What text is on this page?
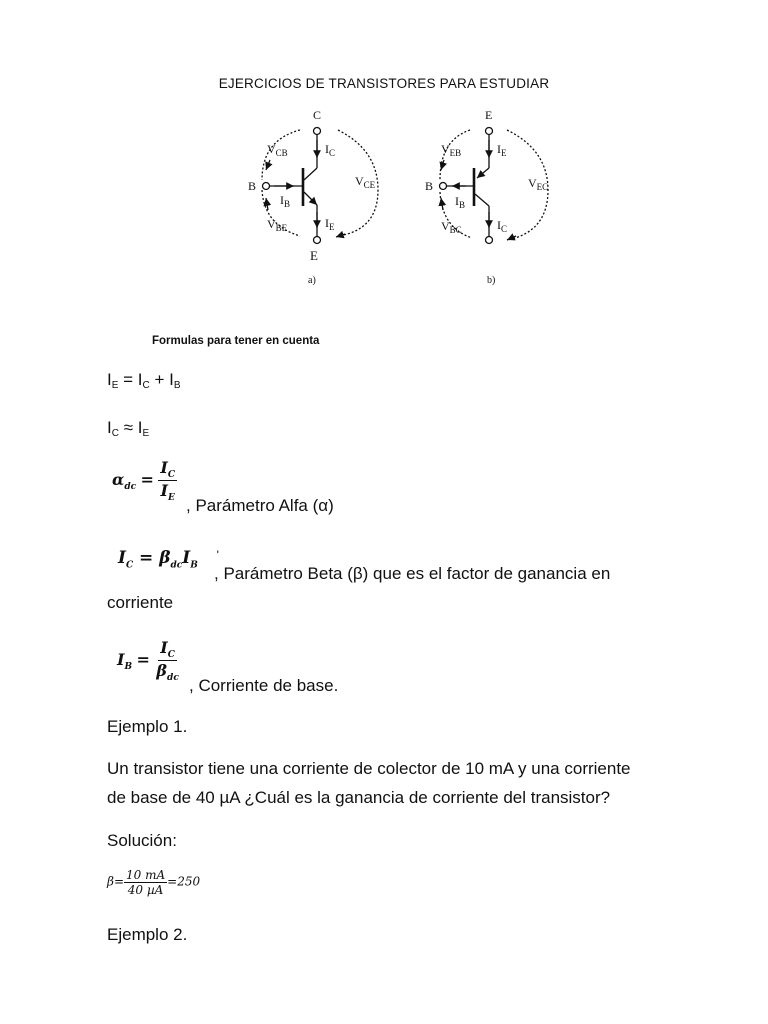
EJERCICIOS DE TRANSISTORES PARA ESTUDIAR
C
B
E
$V_{CB}$
$V_{CE}$
$V_{BE}$
$I_C$
$I_B$
$I_E$
a)
E
B
$V_{EB}$
$V_{EC}$
$V_{BC}$
$I_E$
$I_B$
$I_C$
b)
Formulas para tener en cuenta
$I_E = I_C + I_B$
$I_C \approx I_E$
$\alpha_{dc} = \frac{I_C}{I_E}$
, Parámetro Alfa (α)
$I_C = \beta_{dc}I_B$ '
, Parámetro Beta (β) que es el factor de ganancia en
corriente
$I_B = \frac{I_C}{\beta_{dc}}$
, Corriente de base.
Ejemplo 1.
Un transistor tiene una corriente de colector de 10 mA y una corriente
de base de 40 µA ¿Cuál es la ganancia de corriente del transistor?
Solución:
$\beta= \frac{10 mA}{\text{40 µA}} =250$
Ejemplo 2.
